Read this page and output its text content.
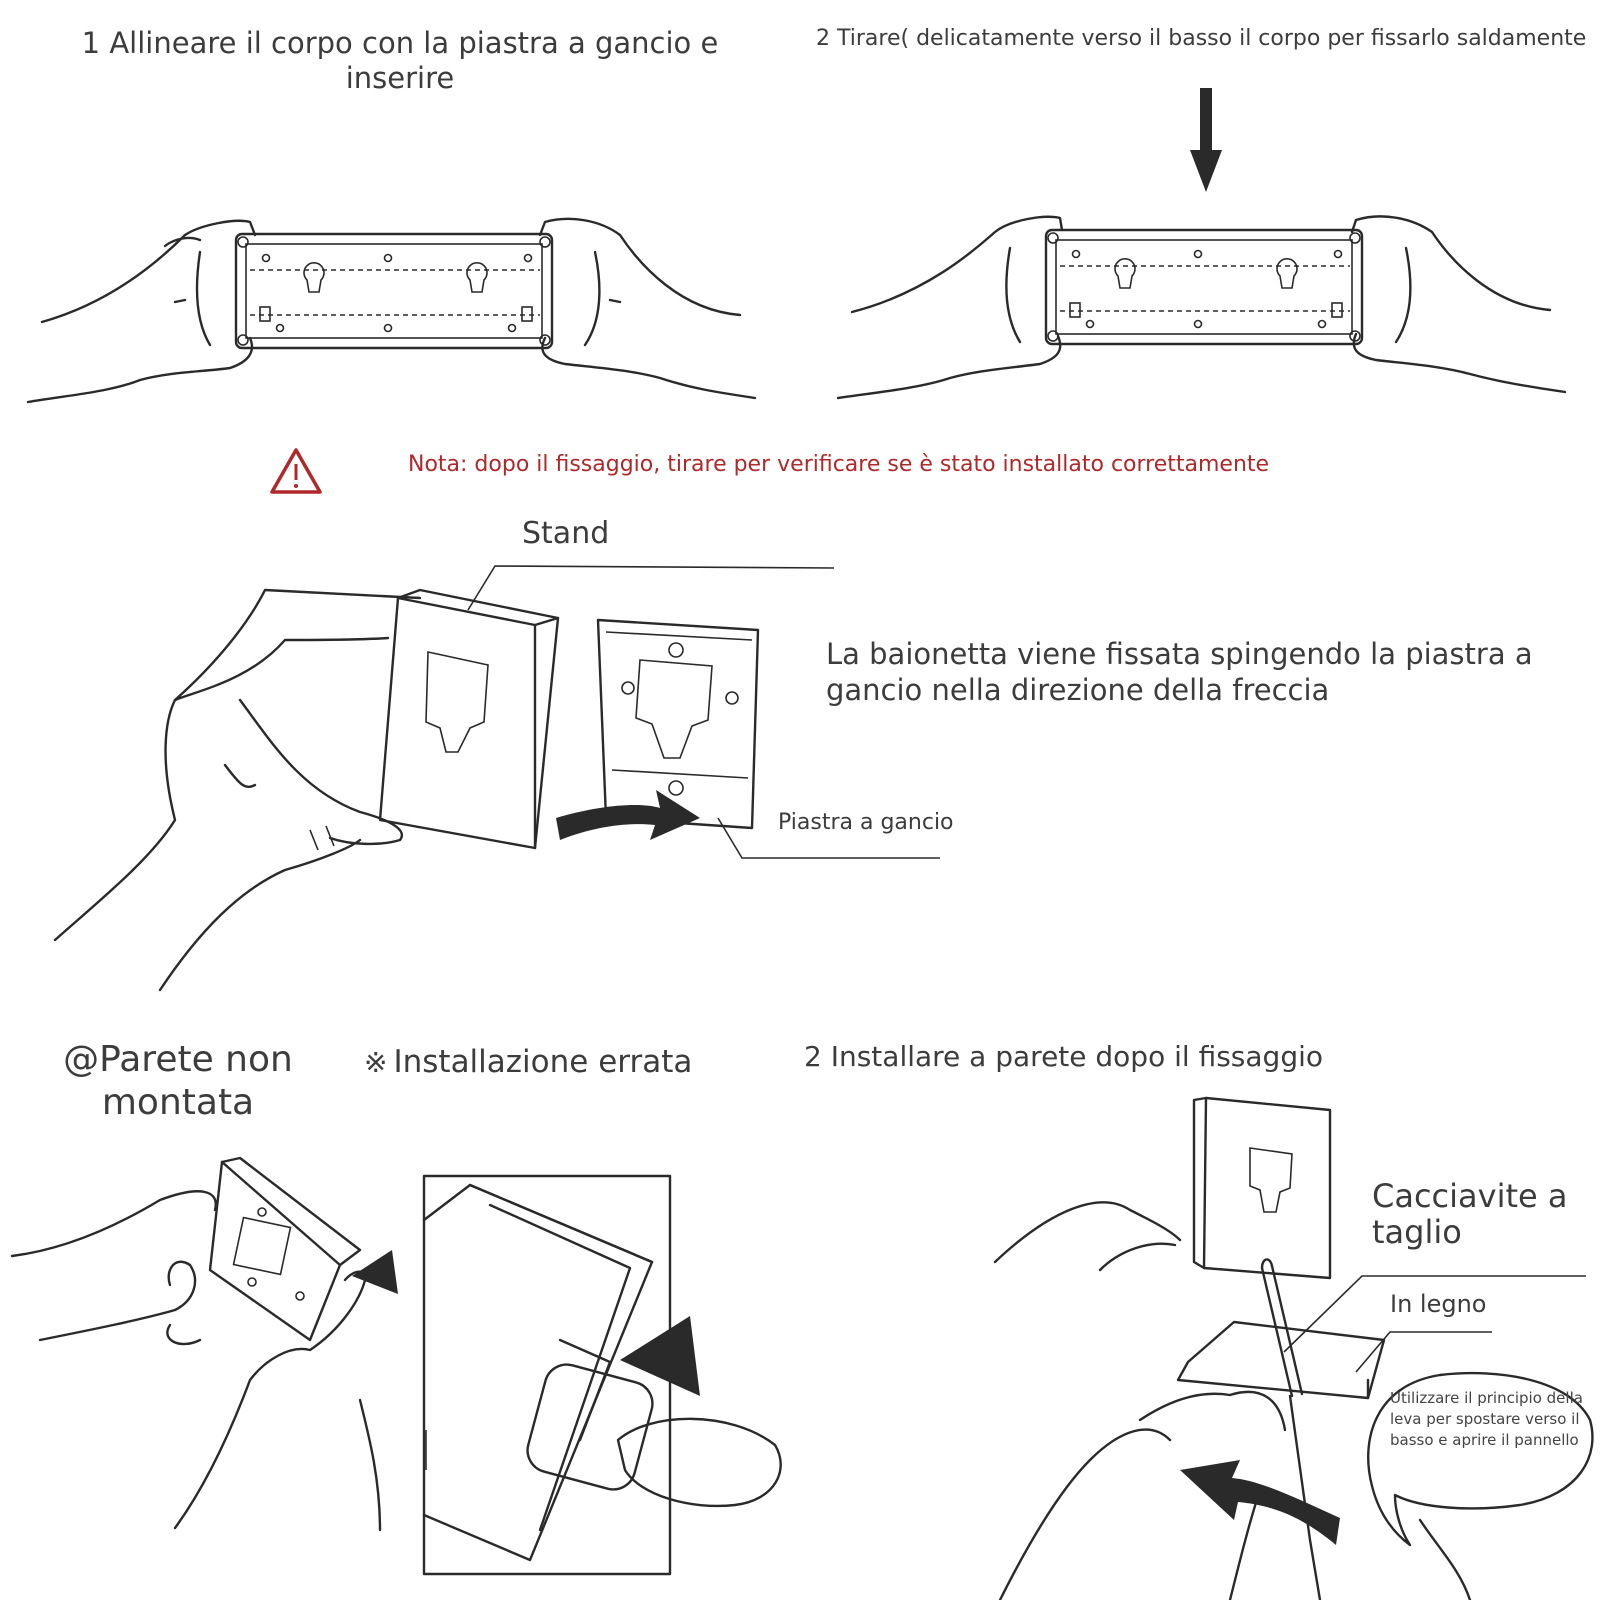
1 Allineare il corpo con la piastra a gancio e inserire

2 Tirare( delicatamente verso il basso il corpo per fissarlo saldamente

Nota: dopo il fissaggio, tirare per verificare se è stato installato correttamente

Stand

La baionetta viene fissata spingendo la piastra a gancio nella direzione della freccia

Piastra a gancio

@Parete non montata

※ Installazione errata	2 Installare a parete dopo il fissaggio

Cacciavite a taglio

In legno

Utilizzare il principio della leva per spostare verso il basso e aprire il pannello
